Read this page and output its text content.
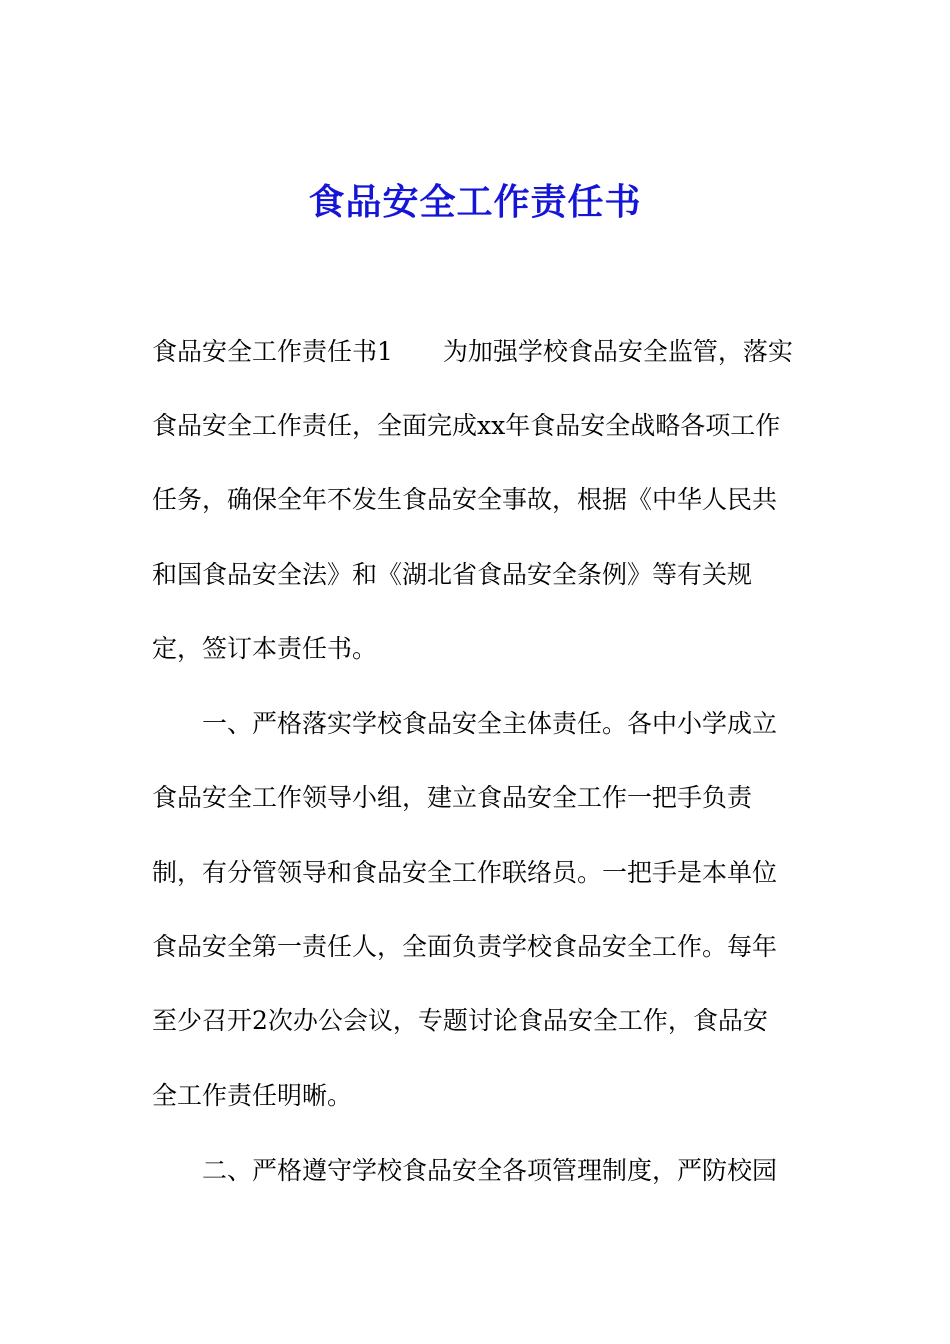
食品安全工作责任书
食品安全工作责任书1 为加强学校食品安全监管，落实
食品安全工作责任，全面完成xx年食品安全战略各项工作
任务，确保全年不发生食品安全事故，根据《中华人民共
和国食品安全法》和《湖北省食品安全条例》等有关规
定，签订本责任书。
一、严格落实学校食品安全主体责任。各中小学成立
食品安全工作领导小组，建立食品安全工作一把手负责
制，有分管领导和食品安全工作联络员。一把手是本单位
食品安全第一责任人，全面负责学校食品安全工作。每年
至少召开2次办公会议，专题讨论食品安全工作，食品安
全工作责任明晰。
二、严格遵守学校食品安全各项管理制度，严防校园
